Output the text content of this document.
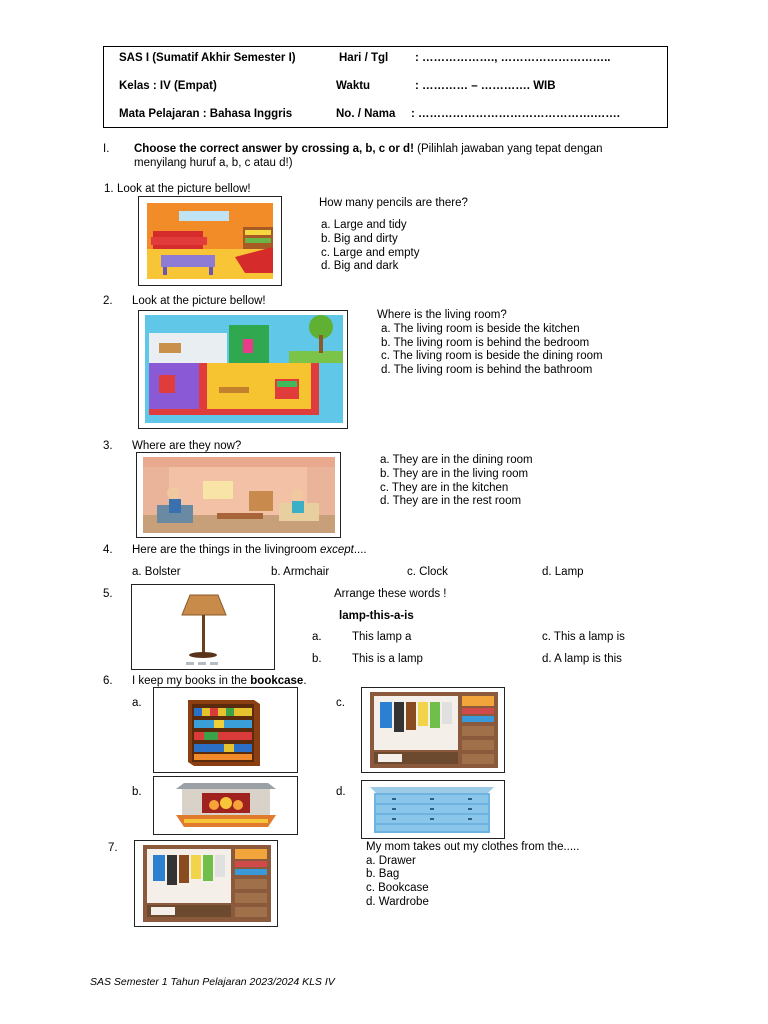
SAS I (Sumatif Akhir Semester I)	Hari / Tgl : ………………., ………………………..
Kelas : IV (Empat)	Waktu	: ………… – …………. WIB
Mata Pelajaran : Bahasa Inggris	No. / Nama : ……………………………………….…….
I. Choose the correct answer by crossing a, b, c or d! (Pilihlah jawaban yang tepat dengan
menyilang huruf a, b, c atau d!)
1. Look at the picture bellow!
How many pencils are there?
a. Large and tidy
b. Big and dirty
c. Large and empty
d. Big and dark
2. Look at the picture bellow!
Where is the living room?
a. The living room is beside the kitchen
b. The living room is behind the bedroom
c. The living room is beside the dining room
d. The living room is behind the bathroom
3. Where are they now?
a. They are in the dining room
b. They are in the living room
c. They are in the kitchen
d. They are in the rest room
4. Here are the things in the livingroom except....
a. Bolster	b. Armchair	c. Clock	d. Lamp
5.	Arrange these words !
lamp-this-a-is
a.	This lamp a	c. This a lamp is
b.	This is a lamp	d. A lamp is this
6. I keep my books in the bookcase.
a.	c.
b.	d.
7.	My mom takes out my clothes from the.....
a. Drawer
b. Bag
c. Bookcase
d. Wardrobe
SAS Semester 1 Tahun Pelajaran 2023/2024 KLS IV
